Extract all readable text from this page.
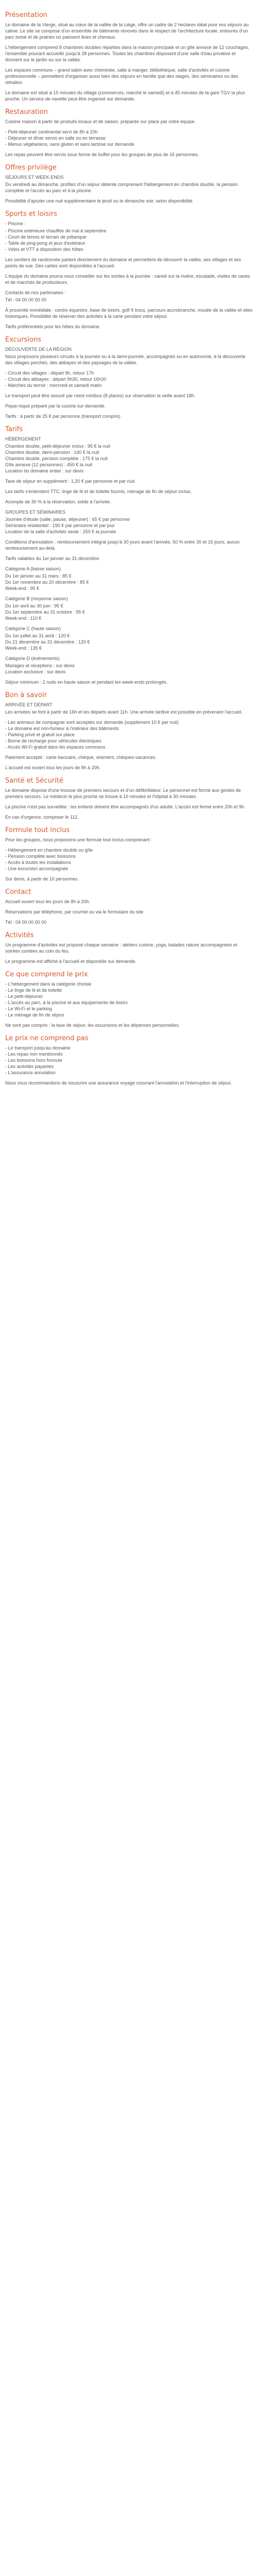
Présentation

Le domaine de la Vierge, situé au cœur de la vallée de la Liège, offre un cadre de 2 hectares idéal pour vos séjours au calme. Le site se compose d'un ensemble de bâtiments rénovés dans le respect de l'architecture locale, entourés d'un parc boisé et de prairies où paissent ânes et chevaux.

L'hébergement comprend 8 chambres doubles réparties dans la maison principale et un gîte annexe de 12 couchages, l'ensemble pouvant accueillir jusqu'à 28 personnes. Toutes les chambres disposent d'une salle d'eau privative et donnent sur le jardin ou sur la vallée.

Les espaces communs – grand salon avec cheminée, salle à manger, bibliothèque, salle d'activités et cuisine professionnelle – permettent d'organiser aussi bien des séjours en famille que des stages, des séminaires ou des retraites.

Le domaine est situé à 15 minutes du village (commerces, marché le samedi) et à 45 minutes de la gare TGV la plus proche. Un service de navette peut être organisé sur demande.

Restauration

Cuisine maison à partir de produits locaux et de saison, préparée sur place par notre équipe.

- Petit-déjeuner continental servi de 8h à 10h
- Déjeuner et dîner servis en salle ou en terrasse
- Menus végétariens, sans gluten et sans lactose sur demande

Les repas peuvent être servis sous forme de buffet pour les groupes de plus de 15 personnes.

Offres privilège

SÉJOURS ET WEEK-ENDS

Du vendredi au dimanche, profitez d'un séjour détente comprenant l'hébergement en chambre double, la pension complète et l'accès au parc et à la piscine.

Possibilité d'ajouter une nuit supplémentaire le jeudi ou le dimanche soir, selon disponibilité.

Sports et loisirs

- Piscine :

- Piscine extérieure chauffée de mai à septembre
- Court de tennis et terrain de pétanque
- Table de ping-pong et jeux d'extérieur
- Vélos et VTT à disposition des hôtes

Les sentiers de randonnée partent directement du domaine et permettent de découvrir la vallée, ses villages et ses points de vue. Des cartes sont disponibles à l'accueil.

L'équipe du domaine pourra vous conseiller sur les sorties à la journée : canoë sur la rivière, escalade, visites de caves et de marchés de producteurs.

Contacts de nos partenaires :

Tél : 04 00 00 00 00

À proximité immédiate : centre équestre, base de loisirs, golf 9 trous, parcours accrobranche, musée de la vallée et sites historiques. Possibilité de réserver des activités à la carte pendant votre séjour.

Tarifs préférentiels pour les hôtes du domaine.

Excursions

DÉCOUVERTE DE LA RÉGION

Nous proposons plusieurs circuits à la journée ou à la demi-journée, accompagnés ou en autonomie, à la découverte des villages perchés, des abbayes et des paysages de la vallée.

- Circuit des villages : départ 9h, retour 17h
- Circuit des abbayes : départ 9h30, retour 16h30
- Marchés du terroir : mercredi et samedi matin

Le transport peut être assuré par notre minibus (8 places) sur réservation la veille avant 18h.

Pique-nique préparé par la cuisine sur demande.

Tarifs : à partir de 25 € par personne (transport compris)

Tarifs

HÉBERGEMENT

Chambre double, petit-déjeuner inclus : 95 € la nuit
Chambre double, demi-pension : 140 € la nuit
Chambre double, pension complète : 175 € la nuit
Gîte annexe (12 personnes) : 450 € la nuit
Location du domaine entier : sur devis

Taxe de séjour en supplément : 1,20 € par personne et par nuit.

Les tarifs s'entendent TTC, linge de lit et de toilette fournis, ménage de fin de séjour inclus.

Acompte de 30 % à la réservation, solde à l'arrivée.

GROUPES ET SÉMINAIRES

Journée d'étude (salle, pause, déjeuner) : 65 € par personne
Séminaire résidentiel : 190 € par personne et par jour
Location de la salle d'activités seule : 250 € la journée

Conditions d'annulation : remboursement intégral jusqu'à 30 jours avant l'arrivée, 50 % entre 30 et 15 jours, aucun remboursement au-delà.

Tarifs valables du 1er janvier au 31 décembre.

Catégorie A (basse saison)

Du 1er janvier au 31 mars : 85 €
Du 1er novembre au 20 décembre : 85 €
Week-end : 95 €

Catégorie B (moyenne saison)

Du 1er avril au 30 juin : 95 €
Du 1er septembre au 31 octobre : 95 €
Week-end : 110 €

Catégorie C (haute saison)

Du 1er juillet au 31 août : 120 €
Du 21 décembre au 31 décembre : 120 €
Week-end : 135 €

Catégorie D (événements)

Mariages et réceptions : sur devis
Location exclusive : sur devis

Séjour minimum : 2 nuits en haute saison et pendant les week-ends prolongés.

Bon à savoir

ARRIVÉE ET DÉPART

Les arrivées se font à partir de 16h et les départs avant 11h. Une arrivée tardive est possible en prévenant l'accueil.

- Les animaux de compagnie sont acceptés sur demande (supplément 10 € par nuit)
- Le domaine est non-fumeur à l'intérieur des bâtiments
- Parking privé et gratuit sur place
- Borne de recharge pour véhicules électriques
- Accès Wi-Fi gratuit dans les espaces communs

Paiement accepté : carte bancaire, chèque, virement, chèques-vacances.

L'accueil est ouvert tous les jours de 8h à 20h.

Santé et Sécurité

Le domaine dispose d'une trousse de premiers secours et d'un défibrillateur. Le personnel est formé aux gestes de premiers secours. Le médecin le plus proche se trouve à 10 minutes et l'hôpital à 30 minutes.

La piscine n'est pas surveillée : les enfants doivent être accompagnés d'un adulte. L'accès est fermé entre 20h et 9h.

En cas d'urgence, composer le 112.

Formule tout inclus

Pour les groupes, nous proposons une formule tout inclus comprenant :

- Hébergement en chambre double ou gîte
- Pension complète avec boissons
- Accès à toutes les installations
- Une excursion accompagnée

Sur devis, à partir de 10 personnes.

Contact

Accueil ouvert tous les jours de 8h à 20h.

Réservations par téléphone, par courriel ou via le formulaire du site.

Tél : 04 00 00 00 00

Activités

Un programme d'activités est proposé chaque semaine : ateliers cuisine, yoga, balades nature accompagnées et soirées contées au coin du feu.

Le programme est affiché à l'accueil et disponible sur demande.

Ce que comprend le prix
- L'hébergement dans la catégorie choisie
- Le linge de lit et de toilette
- Le petit-déjeuner
- L'accès au parc, à la piscine et aux équipements de loisirs
- Le Wi-Fi et le parking
- Le ménage de fin de séjour

Ne sont pas compris : la taxe de séjour, les excursions et les dépenses personnelles.

Le prix ne comprend pas
- Le transport jusqu'au domaine
- Les repas non mentionnés
- Les boissons hors formule
- Les activités payantes
- L'assurance annulation

Nous vous recommandons de souscrire une assurance voyage couvrant l'annulation et l'interruption de séjour.
